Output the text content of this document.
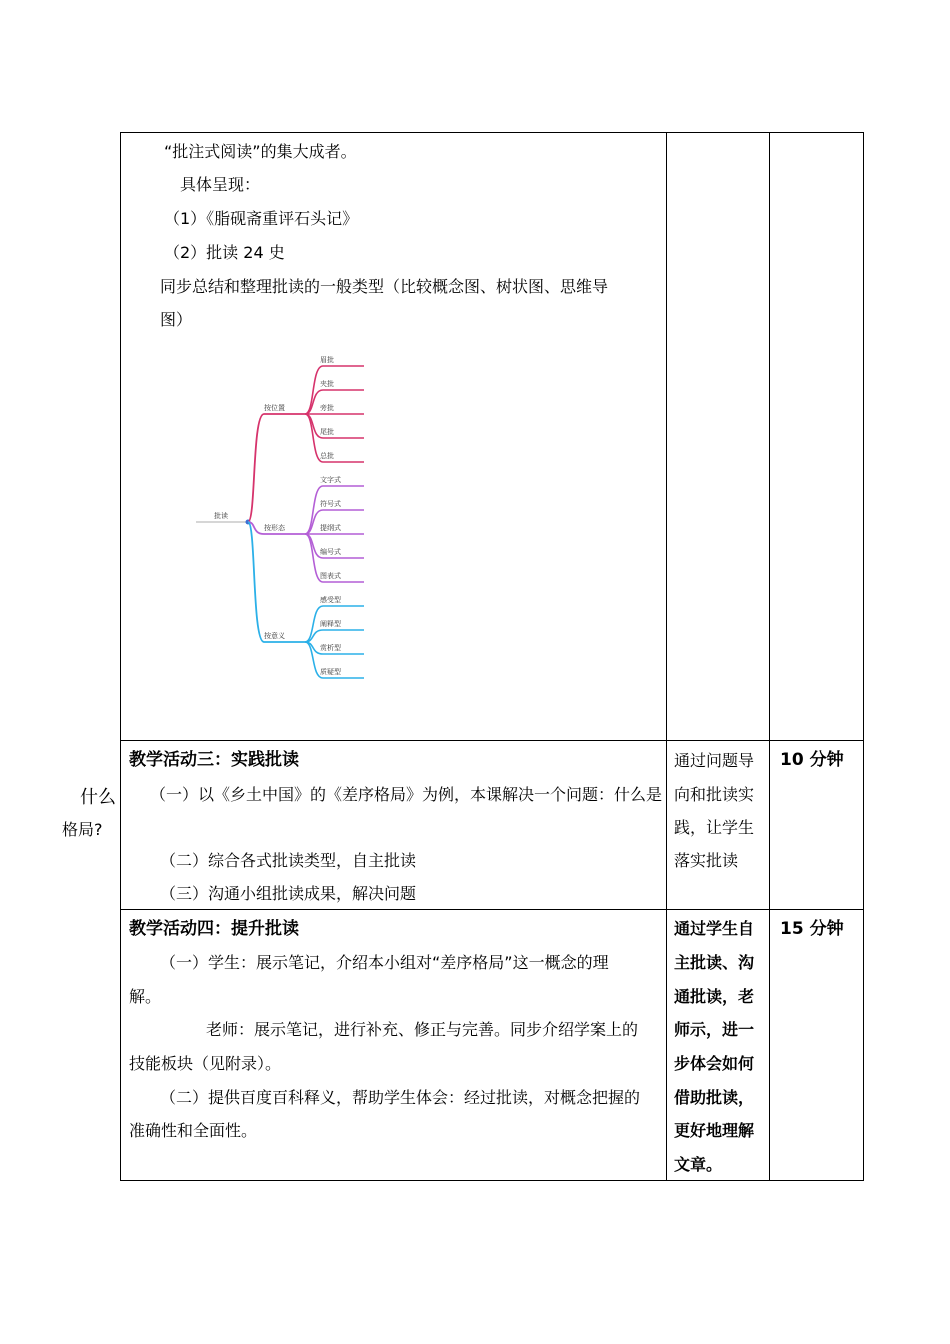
什么
格局?
“批注式阅读”的集大成者。
具体呈现：
（1）《脂砚斋重评石头记》
（2）批读 24 史
同步总结和整理批读的一般类型（比较概念图、树状图、思维导
图）
批读
按位置
眉批
夹批
旁批
尾批
总批
按形态
文字式
符号式
提纲式
编号式
图表式
按意义
感受型
阐释型
赏析型
质疑型
教学活动三：实践批读
（一）以《乡土中国》的《差序格局》为例，本课解决一个问题：什么是
（二）综合各式批读类型，自主批读
（三）沟通小组批读成果，解决问题
通过问题导
向和批读实
践，让学生
落实批读
10 分钟
教学活动四：提升批读
（一）学生：展示笔记，介绍本小组对“差序格局”这一概念的理
解。
老师：展示笔记，进行补充、修正与完善。同步介绍学案上的
技能板块（见附录）。
（二）提供百度百科释义，帮助学生体会：经过批读，对概念把握的
准确性和全面性。
通过学生自
主批读、沟
通批读，老
师示，进一
步体会如何
借助批读，
更好地理解
文章。
15 分钟
